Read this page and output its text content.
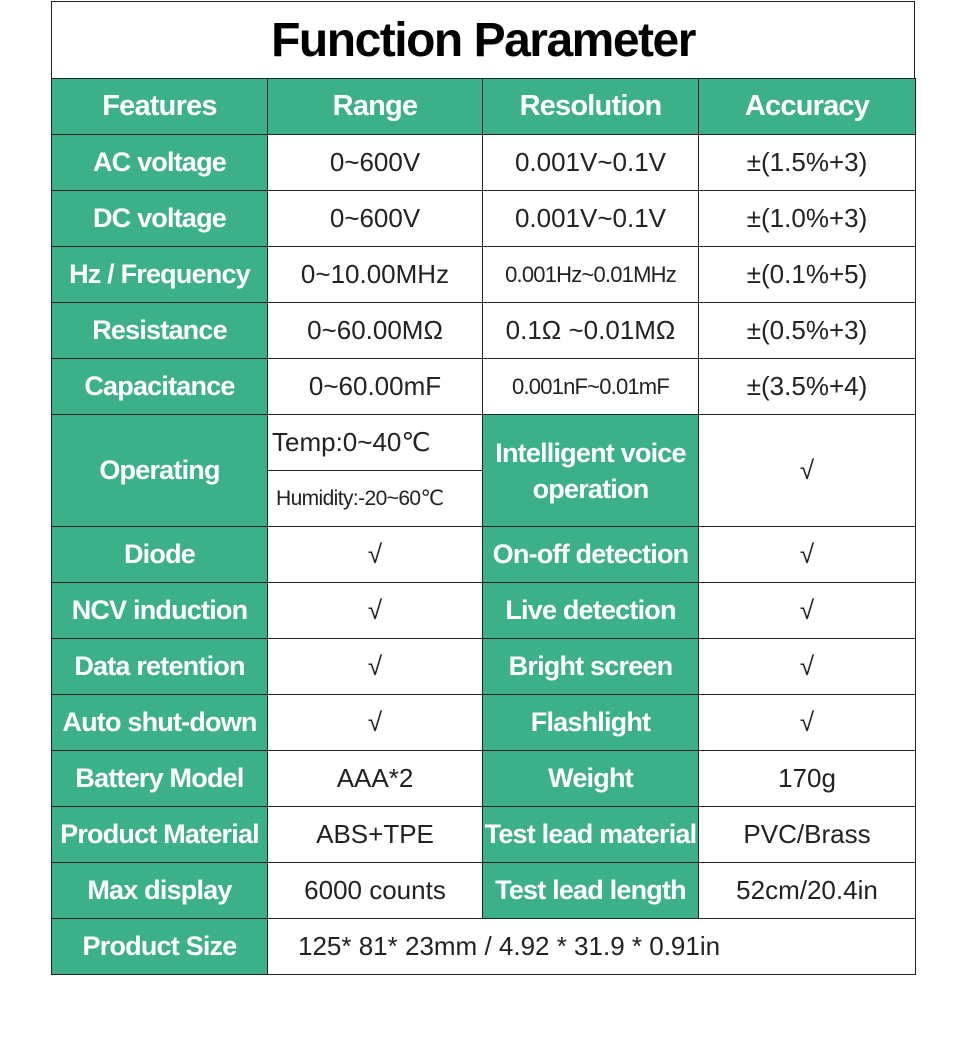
Function Parameter
Features	Range	Resolution	Accuracy
AC voltage	0~600V	0.001V~0.1V	±(1.5%+3)
DC voltage	0~600V	0.001V~0.1V	±(1.0%+3)
Hz / Frequency	0~10.00MHz	0.001Hz~0.01MHz	±(0.1%+5)
Resistance	0~60.00MΩ	0.1Ω ~0.01MΩ	±(0.5%+3)
Capacitance	0~60.00mF	0.001nF~0.01mF	±(3.5%+4)
Operating	Temp:0~40℃	Intelligent voice operation	√
	Humidity:-20~60℃		
Diode	√	On-off detection	√
NCV induction	√	Live detection	√
Data retention	√	Bright screen	√
Auto shut-down	√	Flashlight	√
Battery Model	AAA*2	Weight	170g
Product Material	ABS+TPE	Test lead material	PVC/Brass
Max display	6000 counts	Test lead length	52cm/20.4in
Product Size	125* 81* 23mm / 4.92 * 31.9 * 0.91in		
